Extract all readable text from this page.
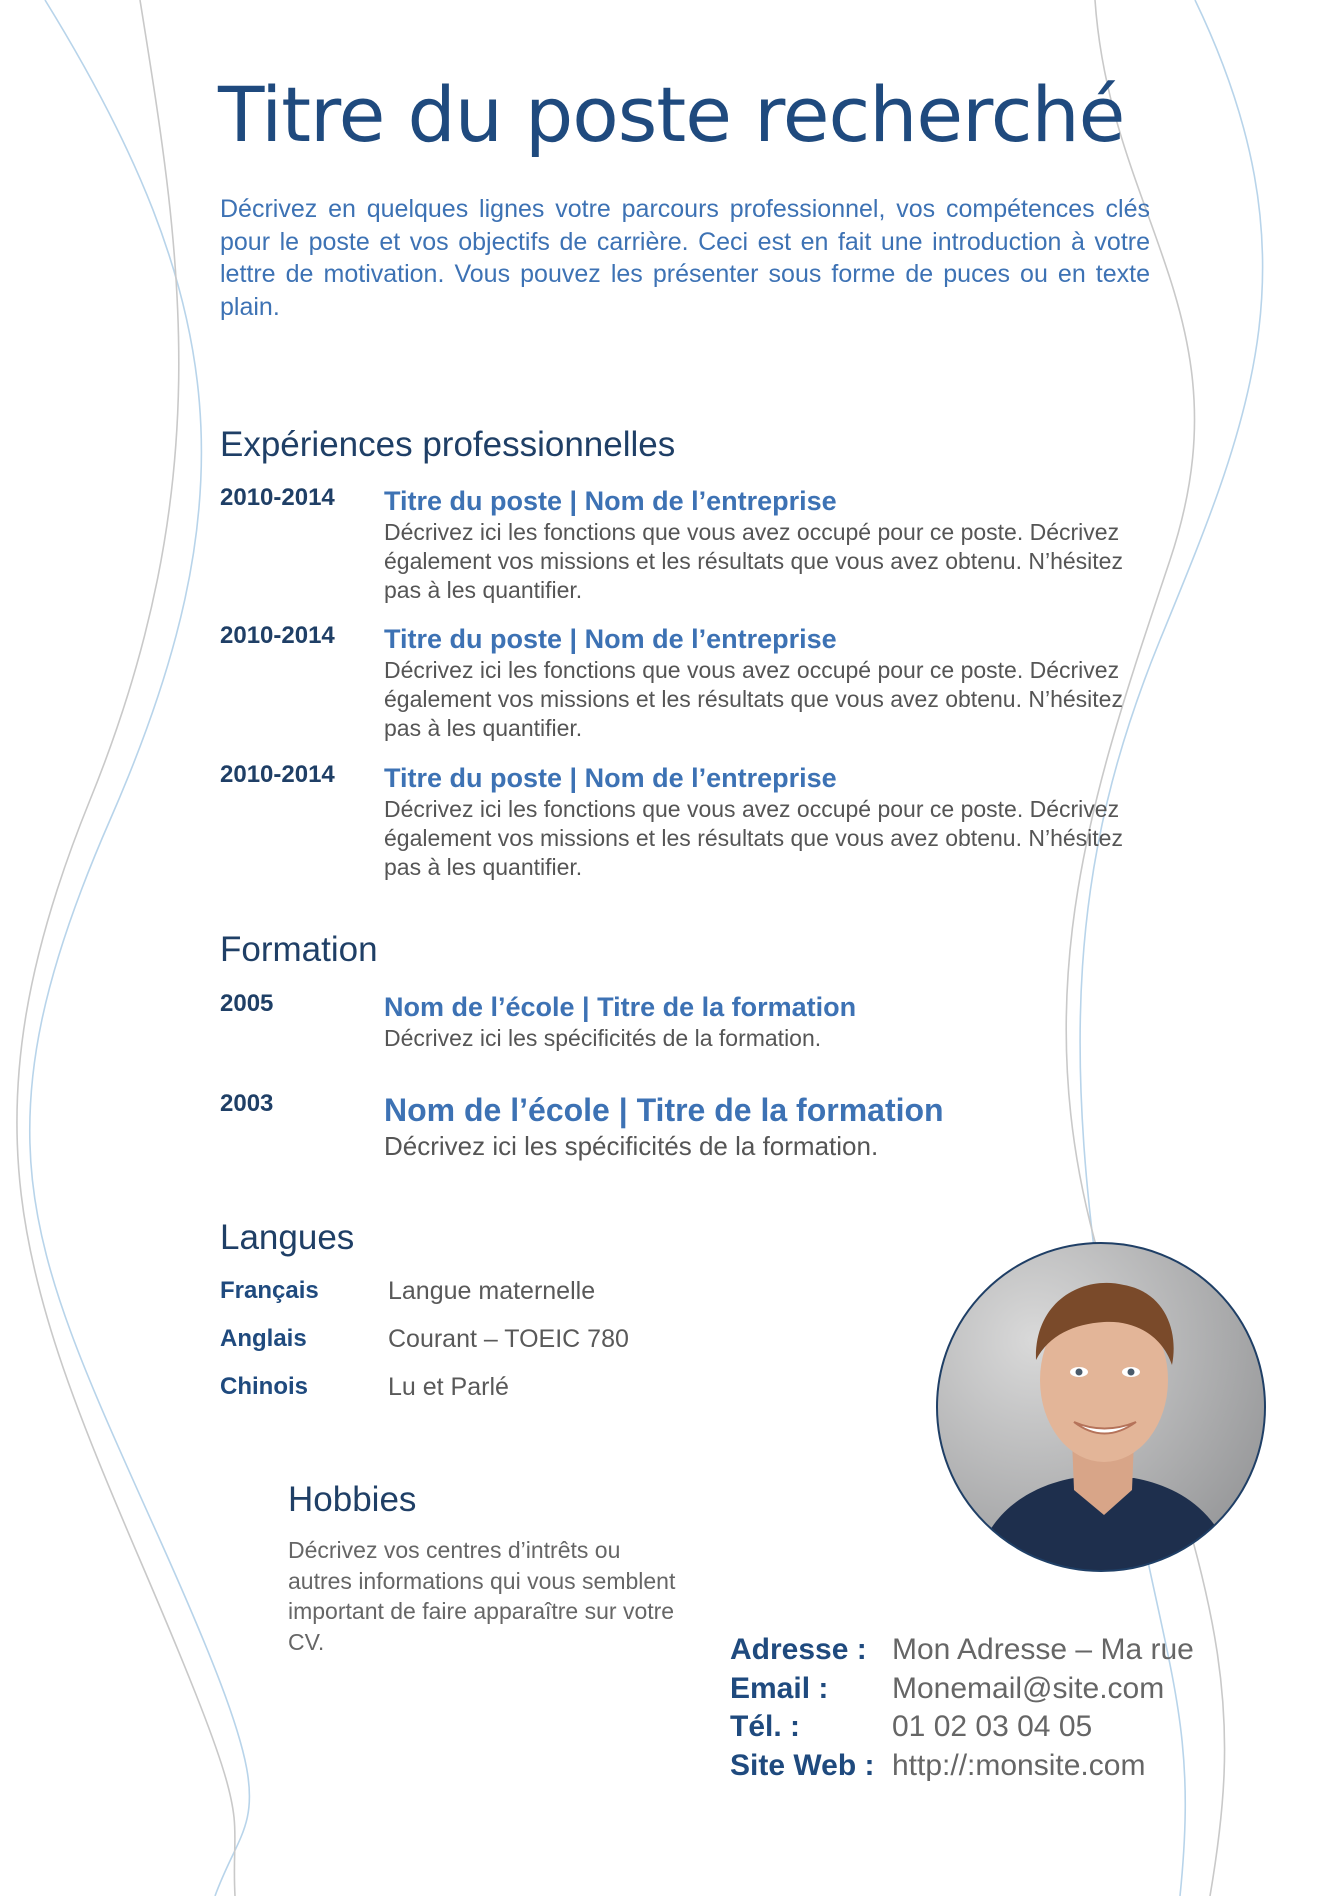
Titre du poste recherché

Décrivez en quelques lignes votre parcours professionnel, vos compétences clés pour le poste et vos objectifs de carrière. Ceci est en fait une introduction à votre lettre de motivation. Vous pouvez les présenter sous forme de puces ou en texte plain.

Expériences professionnelles
2010-2014 Titre du poste | Nom de l’entreprise
Décrivez ici les fonctions que vous avez occupé pour ce poste. Décrivez également vos missions et les résultats que vous avez obtenu. N’hésitez pas à les quantifier.
2010-2014 Titre du poste | Nom de l’entreprise
Décrivez ici les fonctions que vous avez occupé pour ce poste. Décrivez également vos missions et les résultats que vous avez obtenu. N’hésitez pas à les quantifier.
2010-2014 Titre du poste | Nom de l’entreprise
Décrivez ici les fonctions que vous avez occupé pour ce poste. Décrivez également vos missions et les résultats que vous avez obtenu. N’hésitez pas à les quantifier.
Formation
2005	Nom de l’école | Titre de la formation
Décrivez ici les spécificités de la formation.
2003	Nom de l’école | Titre de la formation
Décrivez ici les spécificités de la formation.
Langues
Français	Langue maternelle
Anglais	Courant – TOEIC 780
Chinois	Lu et Parlé
Hobbies

Décrivez vos centres d’intrêts ou autres informations qui vous semblent important de faire apparaître sur votre CV.	Adresse : Mon Adresse – Ma rue
Email : Monemail@site.com
Tél. :	01 02 03 04 05
Site Web : http://:monsite.com
